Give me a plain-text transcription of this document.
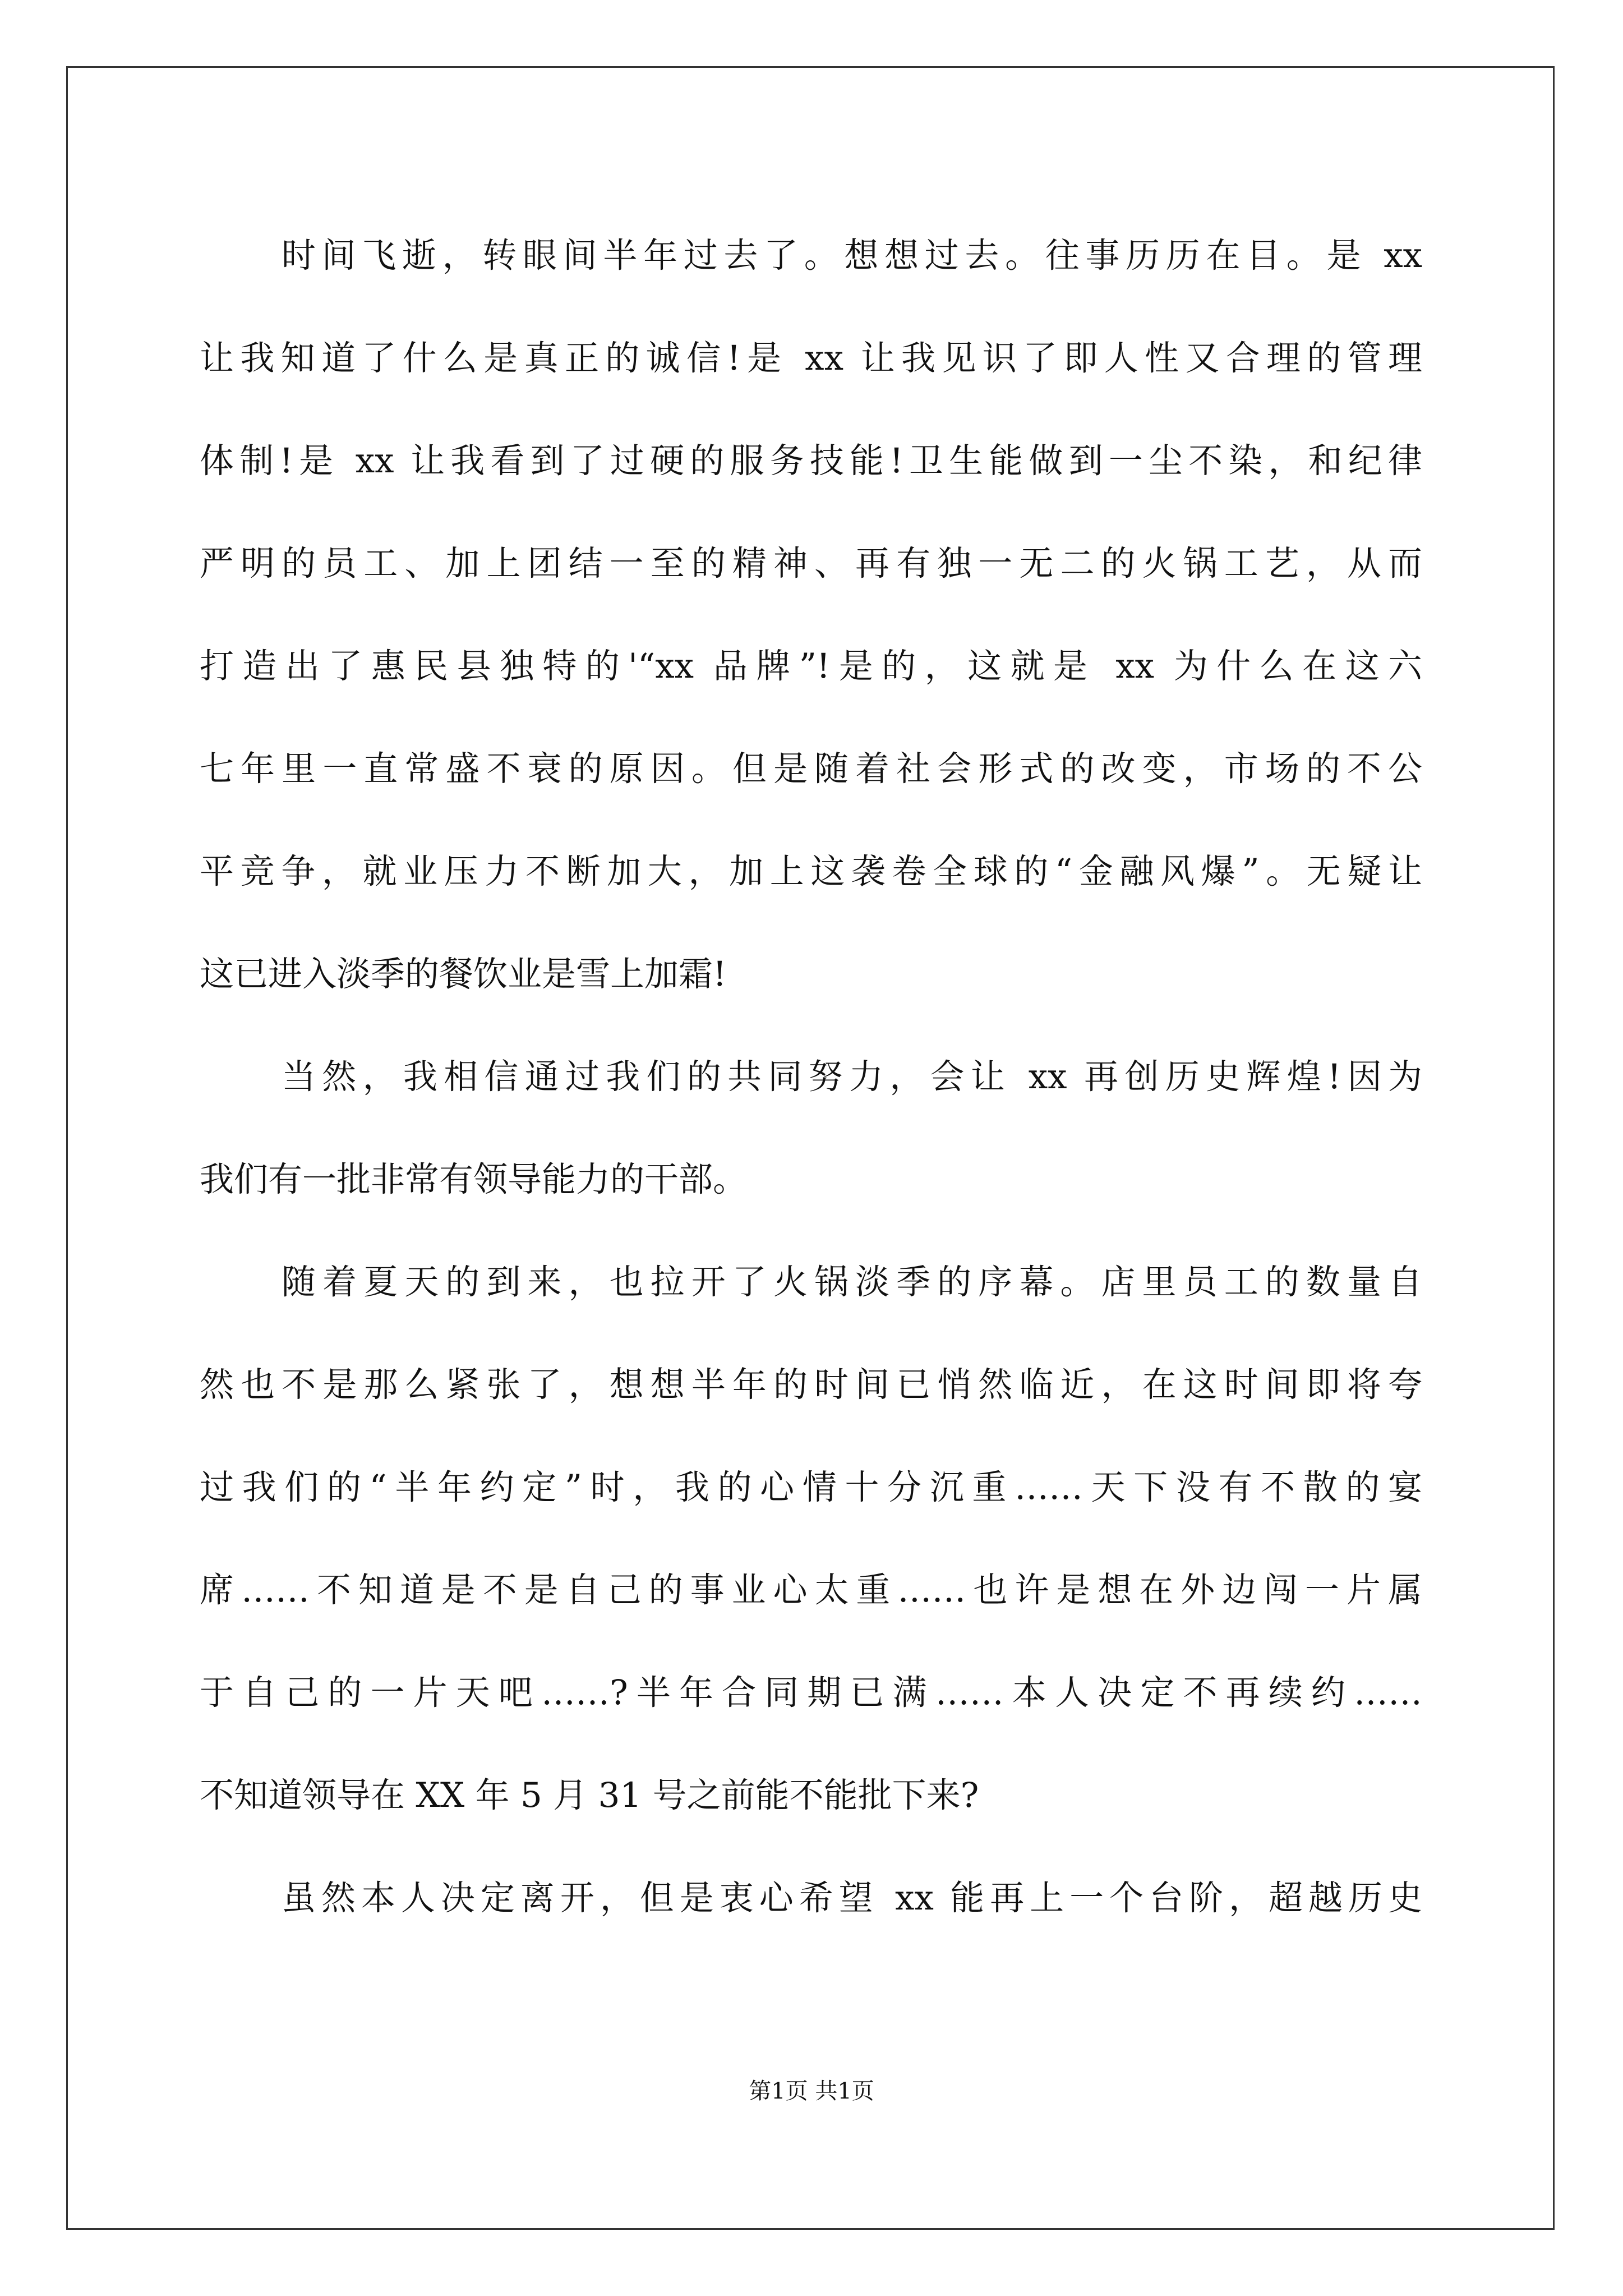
时间飞逝，转眼间半年过去了。想想过去。往事历历在目。是 xx
让我知道了什么是真正的诚信!是 xx 让我见识了即人性又合理的管理
体制!是 xx 让我看到了过硬的服务技能!卫生能做到一尘不染，和纪律
严明的员工、加上团结一至的精神、再有独一无二的火锅工艺，从而
打造出了惠民县独特的'“xx 品牌”!是的，这就是 xx 为什么在这六
七年里一直常盛不衰的原因。但是随着社会形式的改变，市场的不公
平竞争，就业压力不断加大，加上这袭卷全球的“金融风爆”。无疑让
这已进入淡季的餐饮业是雪上加霜!
当然，我相信通过我们的共同努力，会让 xx 再创历史辉煌!因为
我们有一批非常有领导能力的干部。
随着夏天的到来，也拉开了火锅淡季的序幕。店里员工的数量自
然也不是那么紧张了，想想半年的时间已悄然临近，在这时间即将夸
过我们的“半年约定”时，我的心情十分沉重……天下没有不散的宴
席……不知道是不是自己的事业心太重……也许是想在外边闯一片属
于自己的一片天吧……?半年合同期已满……本人决定不再续约……
不知道领导在 XX 年 5 月 31 号之前能不能批下来?
虽然本人决定离开，但是衷心希望 xx 能再上一个台阶，超越历史
第1页 共1页
